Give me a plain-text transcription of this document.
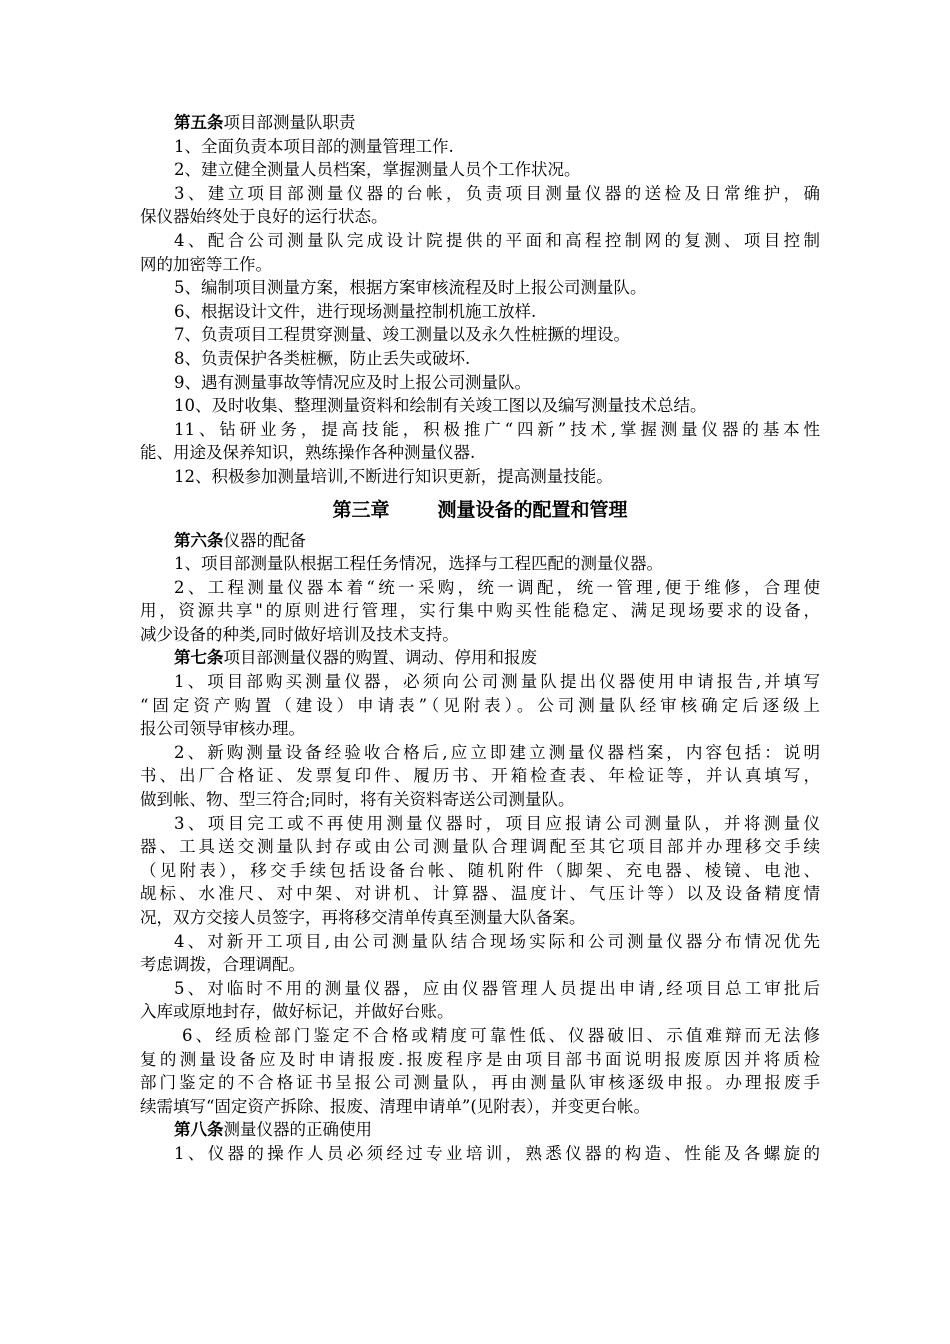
第五条项目部测量队职责
1、全面负责本项目部的测量管理工作.
2、建立健全测量人员档案，掌握测量人员个工作状况。
3、建立项目部测量仪器的台帐，负责项目测量仪器的送检及日常维护，确
保仪器始终处于良好的运行状态。
4、配合公司测量队完成设计院提供的平面和高程控制网的复测、项目控制
网的加密等工作。
5、编制项目测量方案，根据方案审核流程及时上报公司测量队。
6、根据设计文件，进行现场测量控制机施工放样.
7、负责项目工程贯穿测量、竣工测量以及永久性桩撅的埋设。
8、负责保护各类桩橛，防止丢失或破坏.
9、遇有测量事故等情况应及时上报公司测量队。
10、及时收集、整理测量资料和绘制有关竣工图以及编写测量技术总结。
11、钻研业务，提高技能，积极推广“四新”技术,掌握测量仪器的基本性
能、用途及保养知识，熟练操作各种测量仪器.
12、积极参加测量培训,不断进行知识更新，提高测量技能。
第三章	测量设备的配置和管理
第六条仪器的配备
1、项目部测量队根据工程任务情况，选择与工程匹配的测量仪器。
2、工程测量仪器本着“统一采购，统一调配，统一管理,便于维修，合理使
用，资源共享"的原则进行管理，实行集中购买性能稳定、满足现场要求的设备，
减少设备的种类,同时做好培训及技术支持。
第七条项目部测量仪器的购置、调动、停用和报废
1、项目部购买测量仪器，必须向公司测量队提出仪器使用申请报告,并填写
“固定资产购置（建设）申请表”（见附表）。公司测量队经审核确定后逐级上
报公司领导审核办理。
2、新购测量设备经验收合格后,应立即建立测量仪器档案，内容包括：说明
书、出厂合格证、发票复印件、履历书、开箱检查表、年检证等，并认真填写，
做到帐、物、型三符合;同时，将有关资料寄送公司测量队。
3、项目完工或不再使用测量仪器时，项目应报请公司测量队，并将测量仪
器、工具送交测量队封存或由公司测量队合理调配至其它项目部并办理移交手续
（见附表），移交手续包括设备台帐、随机附件（脚架、充电器、棱镜、电池、
觇标、水准尺、对中架、对讲机、计算器、温度计、气压计等）以及设备精度情
况，双方交接人员签字，再将移交清单传真至测量大队备案。
4、对新开工项目,由公司测量队结合现场实际和公司测量仪器分布情况优先
考虑调拨，合理调配。
5、对临时不用的测量仪器，应由仪器管理人员提出申请,经项目总工审批后
入库或原地封存，做好标记，并做好台账。
6、经质检部门鉴定不合格或精度可靠性低、仪器破旧、示值难辩而无法修
复的测量设备应及时申请报废.报废程序是由项目部书面说明报废原因并将质检
部门鉴定的不合格证书呈报公司测量队，再由测量队审核逐级申报。办理报废手
续需填写“固定资产拆除、报废、清理申请单”(见附表），并变更台帐。
第八条测量仪器的正确使用
1、仪器的操作人员必须经过专业培训，熟悉仪器的构造、性能及各螺旋的
